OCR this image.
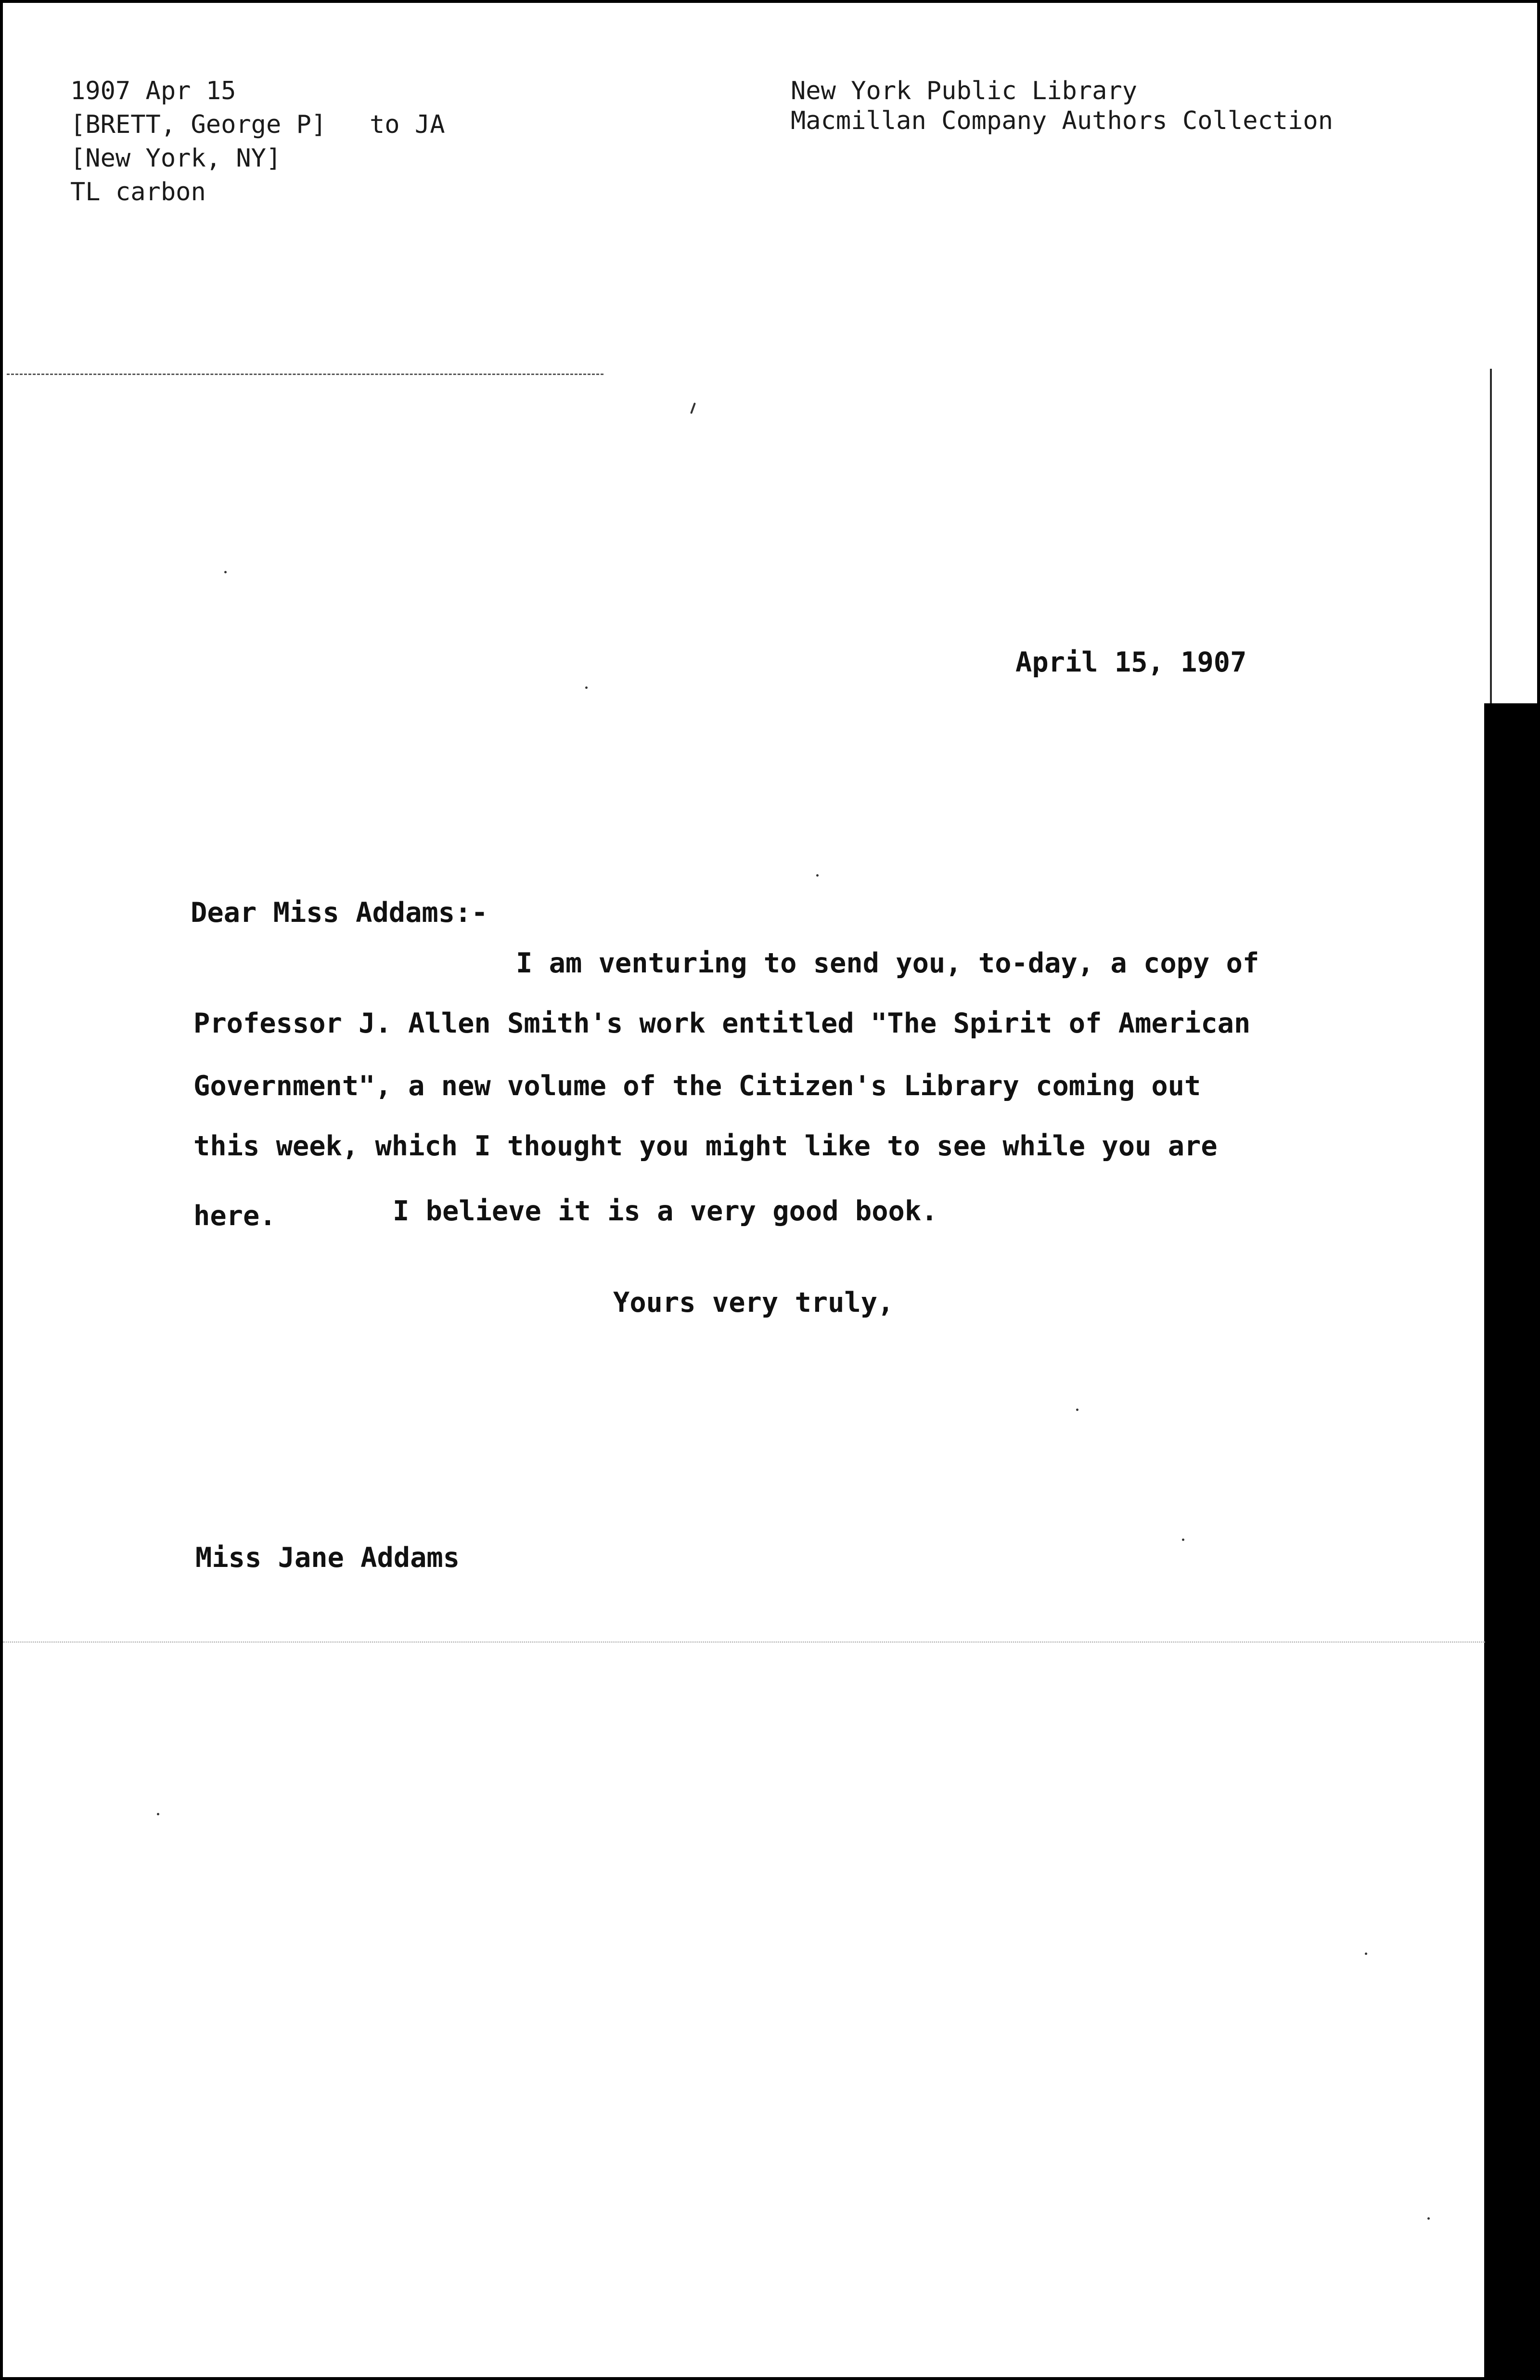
1907 Apr 15
[BRETT, George P] to JA
[New York, NY]
TL carbon
New York Public Library
Macmillan Company Authors Collection
April 15, 1907
Dear Miss Addams:-
I am venturing to send you, to-day, a copy of
Professor J. Allen Smith's work entitled "The Spirit of American
Government", a new volume of the Citizen's Library coming out
this week, which I thought you might like to see while you are
here.	I believe it is a very good book.
Yours very truly,
Miss Jane Addams
